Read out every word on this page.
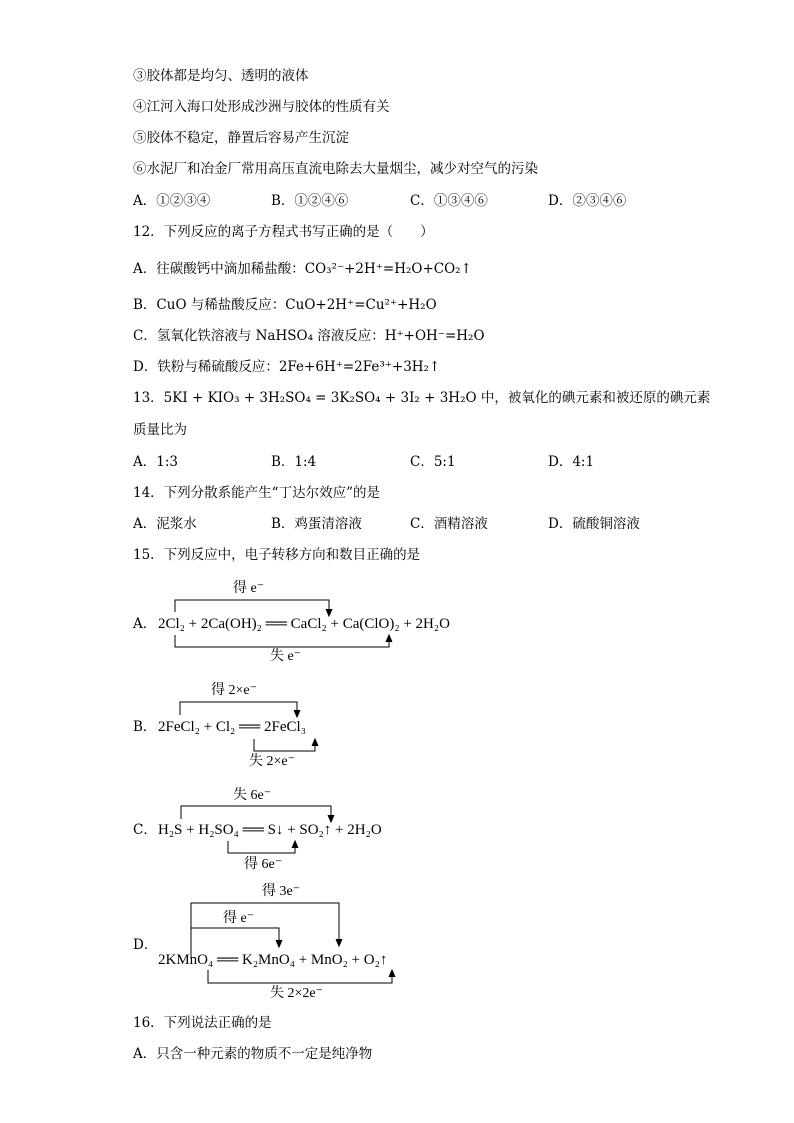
③胶体都是均匀、透明的液体
④江河入海口处形成沙洲与胶体的性质有关
⑤胶体不稳定，静置后容易产生沉淀
⑥水泥厂和冶金厂常用高压直流电除去大量烟尘，减少对空气的污染
A．①②③④	B．①②④⑥	C．①③④⑥	D．②③④⑥
12．下列反应的离子方程式书写正确的是（　　）
A．往碳酸钙中滴加稀盐酸：CO₃²⁻+2H⁺=H₂O+CO₂↑
B．CuO 与稀盐酸反应：CuO+2H⁺=Cu²⁺+H₂O
C．氢氧化铁溶液与 NaHSO₄ 溶液反应：H⁺+OH⁻=H₂O
D．铁粉与稀硫酸反应：2Fe+6H⁺=2Fe³⁺+3H₂↑
13．5KI + KIO₃ + 3H₂SO₄ = 3K₂SO₄ + 3I₂ + 3H₂O 中，被氧化的碘元素和被还原的碘元素
质量比为
A．1:3	B．1:4	C．5:1	D．4:1
14．下列分散系能产生“丁达尔效应”的是
A．泥浆水	B．鸡蛋清溶液	C．酒精溶液	D．硫酸铜溶液
15．下列反应中，电子转移方向和数目正确的是
得 e⁻
A． 2Cl₂ + 2Ca(OH)₂ ══ CaCl₂ + Ca(ClO)₂ + 2H₂O
失 e⁻
得 2×e⁻
B． 2FeCl₂ + Cl₂ ══ 2FeCl₃
失 2×e⁻
失 6e⁻
C． H₂S + H₂SO₄ ══ S↓ + SO₂↑ + 2H₂O
得 6e⁻
得 3e⁻
得 e⁻
D．
2KMnO₄ ══ K₂MnO₄ + MnO₂ + O₂↑
失 2×2e⁻
16．下列说法正确的是
A．只含一种元素的物质不一定是纯净物
